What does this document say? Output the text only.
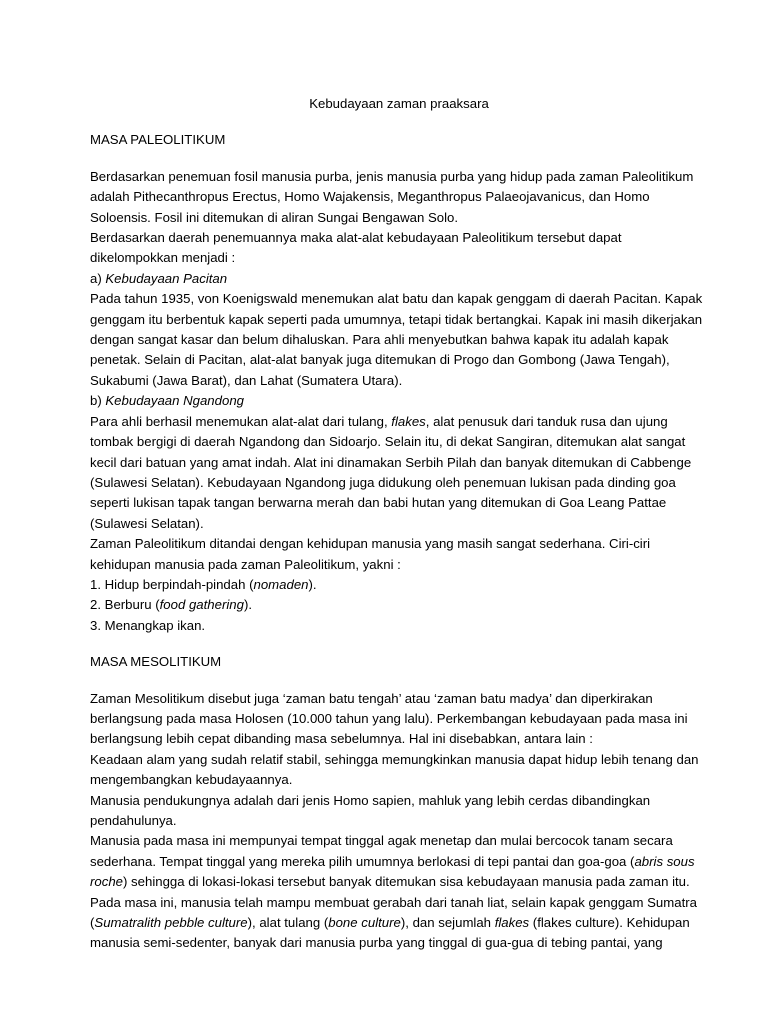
Kebudayaan zaman praaksara

MASA PALEOLITIKUM

Berdasarkan penemuan fosil manusia purba, jenis manusia purba yang hidup pada zaman Paleolitikum adalah Pithecanthropus Erectus, Homo Wajakensis, Meganthropus Palaeojavanicus, dan Homo Soloensis. Fosil ini ditemukan di aliran Sungai Bengawan Solo.

Berdasarkan daerah penemuannya maka alat-alat kebudayaan Paleolitikum tersebut dapat dikelompokkan menjadi :

a) Kebudayaan Pacitan

Pada tahun 1935, von Koenigswald menemukan alat batu dan kapak genggam di daerah Pacitan. Kapak genggam itu berbentuk kapak seperti pada umumnya, tetapi tidak bertangkai. Kapak ini masih dikerjakan dengan sangat kasar dan belum dihaluskan. Para ahli menyebutkan bahwa kapak itu adalah kapak penetak. Selain di Pacitan, alat-alat banyak juga ditemukan di Progo dan Gombong (Jawa Tengah), Sukabumi (Jawa Barat), dan Lahat (Sumatera Utara).

b) Kebudayaan Ngandong

Para ahli berhasil menemukan alat-alat dari tulang, flakes, alat penusuk dari tanduk rusa dan ujung tombak bergigi di daerah Ngandong dan Sidoarjo. Selain itu, di dekat Sangiran, ditemukan alat sangat kecil dari batuan yang amat indah. Alat ini dinamakan Serbih Pilah dan banyak ditemukan di Cabbenge (Sulawesi Selatan). Kebudayaan Ngandong juga didukung oleh penemuan lukisan pada dinding goa seperti lukisan tapak tangan berwarna merah dan babi hutan yang ditemukan di Goa Leang Pattae (Sulawesi Selatan).

Zaman Paleolitikum ditandai dengan kehidupan manusia yang masih sangat sederhana. Ciri-ciri kehidupan manusia pada zaman Paleolitikum, yakni :

1. Hidup berpindah-pindah (nomaden).

2. Berburu (food gathering).

3. Menangkap ikan.

MASA MESOLITIKUM

Zaman Mesolitikum disebut juga ‘zaman batu tengah’ atau ‘zaman batu madya’ dan diperkirakan berlangsung pada masa Holosen (10.000 tahun yang lalu). Perkembangan kebudayaan pada masa ini berlangsung lebih cepat dibanding masa sebelumnya. Hal ini disebabkan, antara lain :

Keadaan alam yang sudah relatif stabil, sehingga memungkinkan manusia dapat hidup lebih tenang dan mengembangkan kebudayaannya.

Manusia pendukungnya adalah dari jenis Homo sapien, mahluk yang lebih cerdas dibandingkan pendahulunya.

Manusia pada masa ini mempunyai tempat tinggal agak menetap dan mulai bercocok tanam secara sederhana. Tempat tinggal yang mereka pilih umumnya berlokasi di tepi pantai dan goa-goa (abris sous roche) sehingga di lokasi-lokasi tersebut banyak ditemukan sisa kebudayaan manusia pada zaman itu.

Pada masa ini, manusia telah mampu membuat gerabah dari tanah liat, selain kapak genggam Sumatra (Sumatralith pebble culture), alat tulang (bone culture), dan sejumlah flakes (flakes culture). Kehidupan manusia semi-sedenter, banyak dari manusia purba yang tinggal di gua-gua di tebing pantai, yang
